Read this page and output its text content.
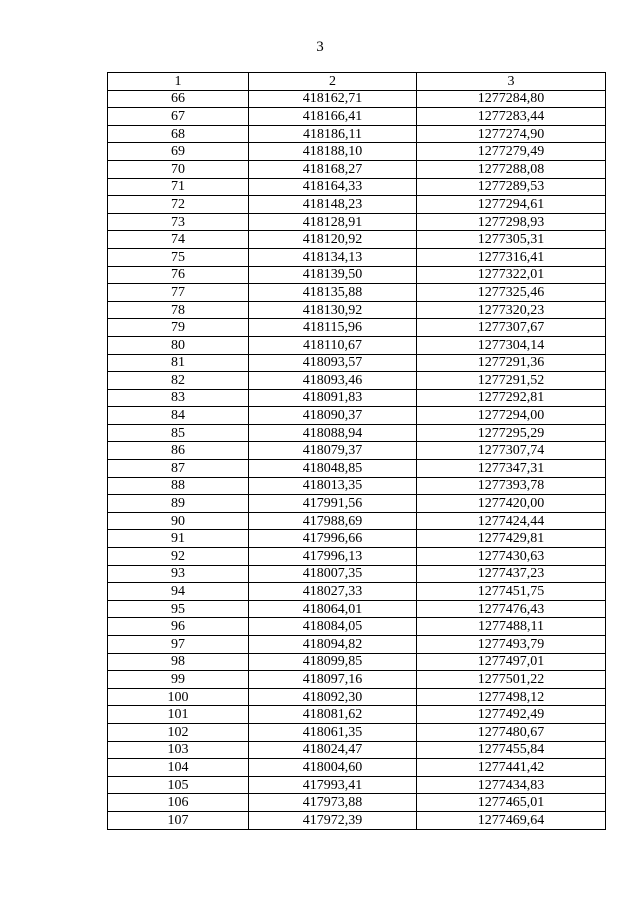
3
1	2	3
66	418162,71	1277284,80
67	418166,41	1277283,44
68	418186,11	1277274,90
69	418188,10	1277279,49
70	418168,27	1277288,08
71	418164,33	1277289,53
72	418148,23	1277294,61
73	418128,91	1277298,93
74	418120,92	1277305,31
75	418134,13	1277316,41
76	418139,50	1277322,01
77	418135,88	1277325,46
78	418130,92	1277320,23
79	418115,96	1277307,67
80	418110,67	1277304,14
81	418093,57	1277291,36
82	418093,46	1277291,52
83	418091,83	1277292,81
84	418090,37	1277294,00
85	418088,94	1277295,29
86	418079,37	1277307,74
87	418048,85	1277347,31
88	418013,35	1277393,78
89	417991,56	1277420,00
90	417988,69	1277424,44
91	417996,66	1277429,81
92	417996,13	1277430,63
93	418007,35	1277437,23
94	418027,33	1277451,75
95	418064,01	1277476,43
96	418084,05	1277488,11
97	418094,82	1277493,79
98	418099,85	1277497,01
99	418097,16	1277501,22
100	418092,30	1277498,12
101	418081,62	1277492,49
102	418061,35	1277480,67
103	418024,47	1277455,84
104	418004,60	1277441,42
105	417993,41	1277434,83
106	417973,88	1277465,01
107	417972,39	1277469,64
